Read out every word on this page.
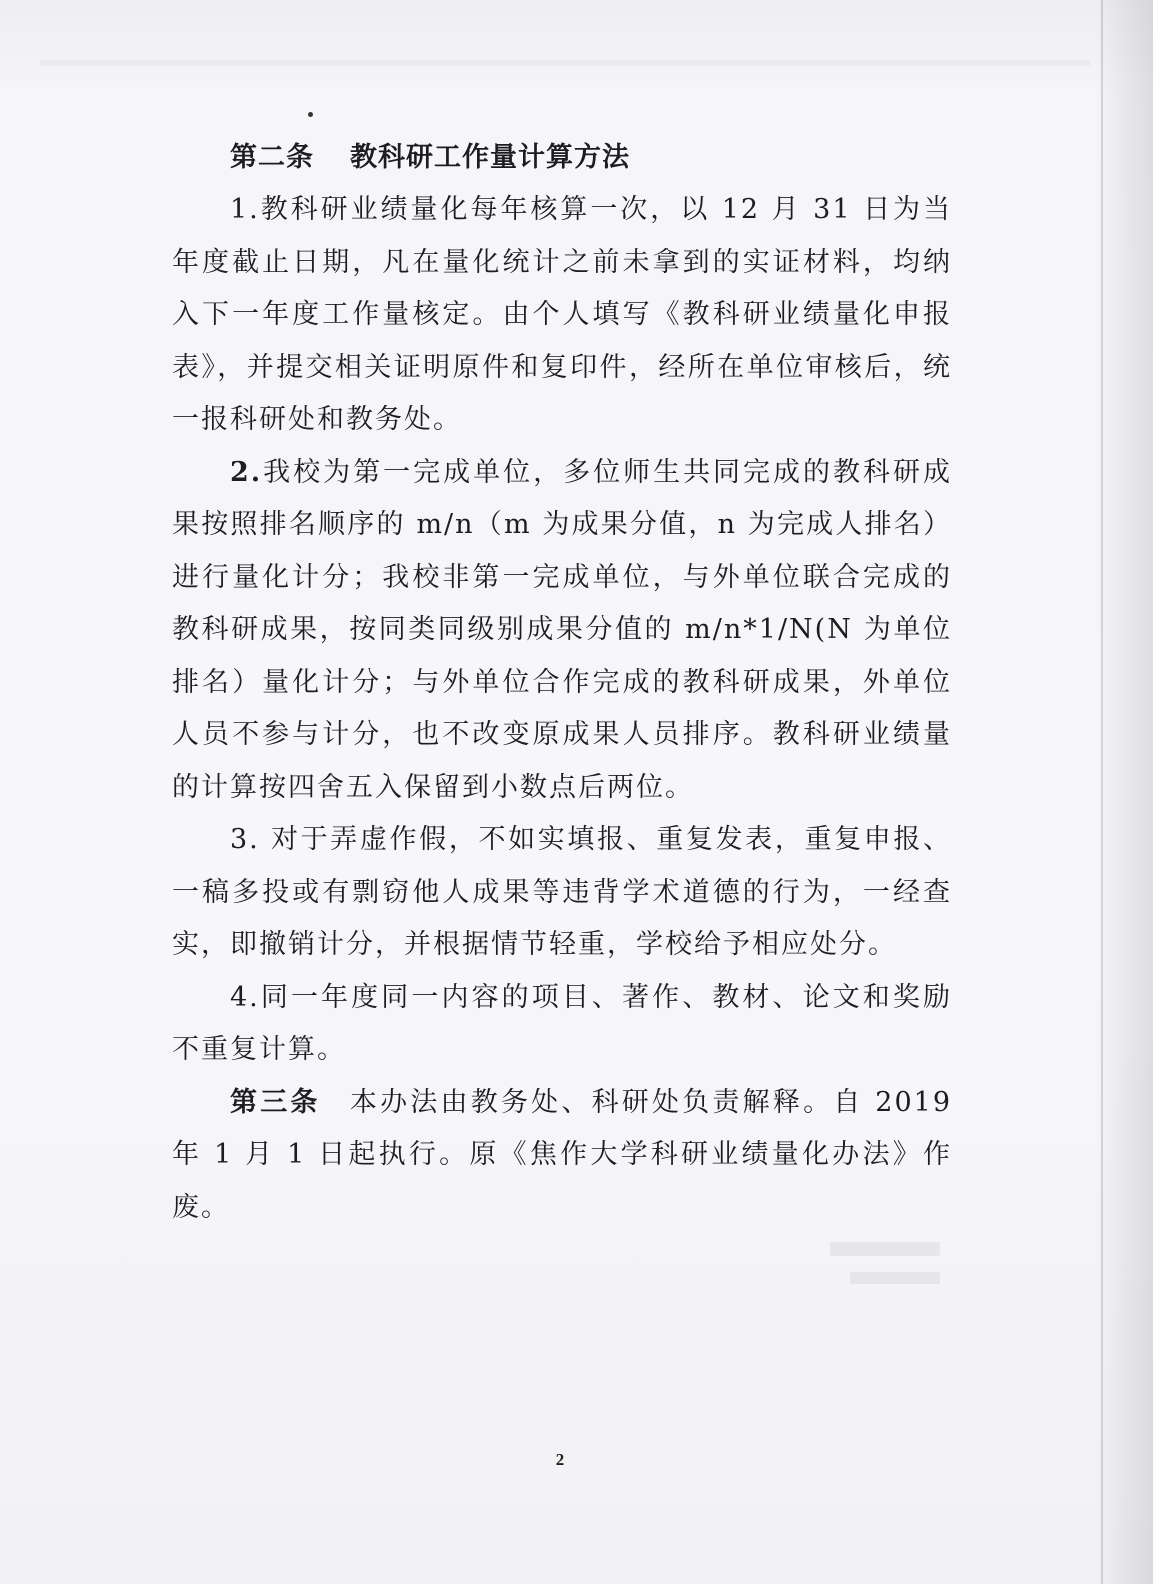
第二条 教科研工作量计算方法

1.教科研业绩量化每年核算一次，以 12 月 31 日为当年度截止日期，凡在量化统计之前未拿到的实证材料，均纳入下一年度工作量核定。由个人填写《教科研业绩量化申报表》，并提交相关证明原件和复印件，经所在单位审核后，统一报科研处和教务处。

2.我校为第一完成单位，多位师生共同完成的教科研成果按照排名顺序的 m/n（m 为成果分值，n 为完成人排名）进行量化计分；我校非第一完成单位，与外单位联合完成的教科研成果，按同类同级别成果分值的 m/n*1/N(N 为单位排名）量化计分；与外单位合作完成的教科研成果，外单位人员不参与计分，也不改变原成果人员排序。教科研业绩量的计算按四舍五入保留到小数点后两位。

3. 对于弄虚作假，不如实填报、重复发表，重复申报、一稿多投或有剽窃他人成果等违背学术道德的行为，一经查实，即撤销计分，并根据情节轻重，学校给予相应处分。

4.同一年度同一内容的项目、著作、教材、论文和奖励不重复计算。

第三条 本办法由教务处、科研处负责解释。自 2019 年 1 月 1 日起执行。原《焦作大学科研业绩量化办法》作废。

2
